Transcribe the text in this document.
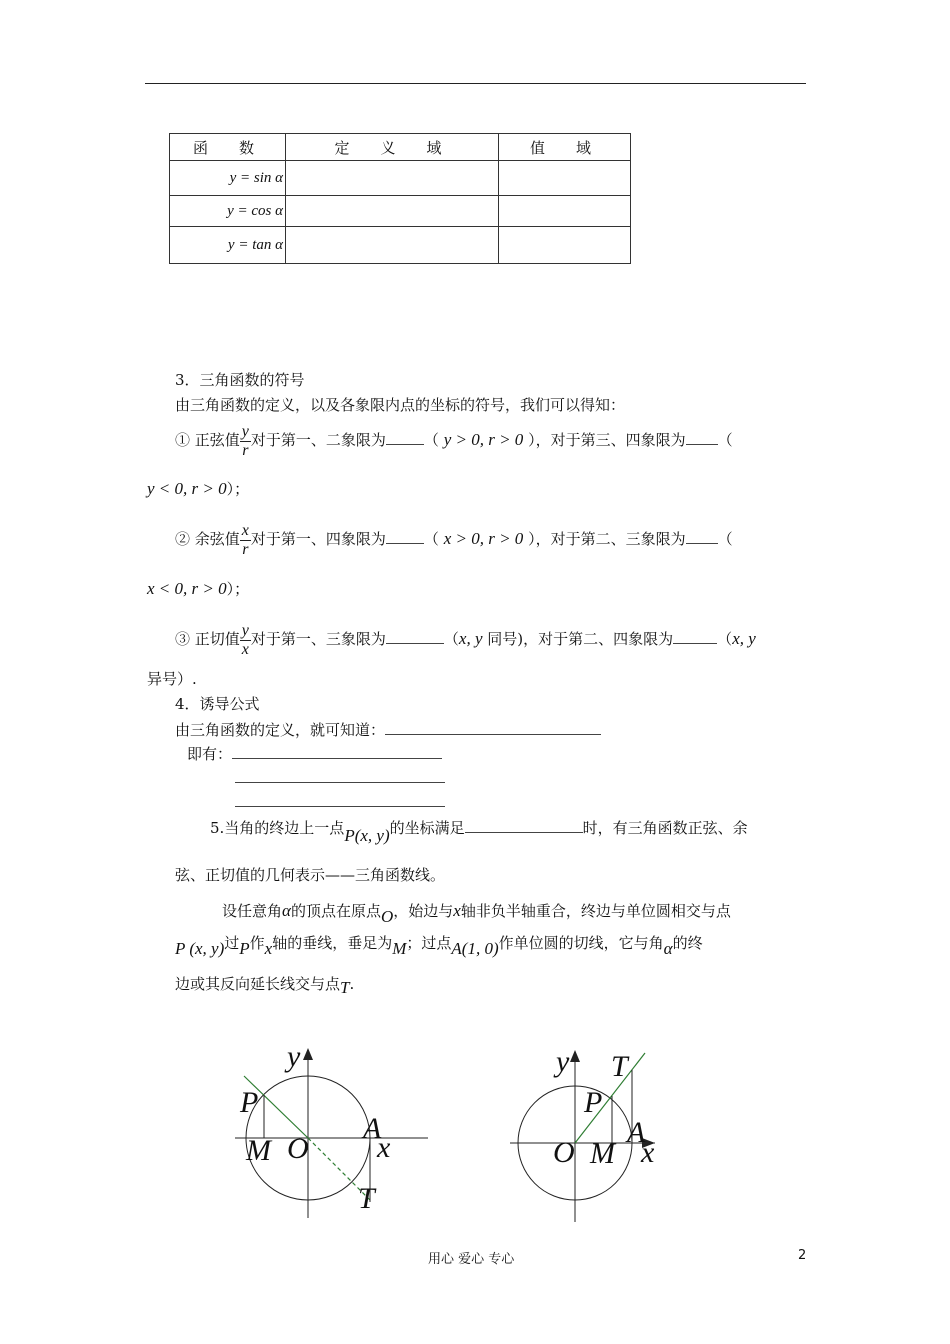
函　数	定　义　域	值　域
y = sin α		
y = cos α		
y = tan α		
3．三角函数的符号
由三角函数的定义，以及各象限内点的坐标的符号，我们可以得知：
① 正弦值 $\frac{y}{r}$ 对于第一、二象限为	（ y > 0, r > 0 ），对于第三、四象限为 （
y < 0, r > 0）；
② 余弦值 $\frac{x}{r}$ 对于第一、四象限为	（ x > 0, r > 0 ），对于第二、三象限为 （
x < 0, r > 0）；
③ 正切值 $\frac{y}{x}$ 对于第一、三象限为	（x, y 同号)，对于第二、四象限为	（x, y
异号）.
4．诱导公式
由三角函数的定义，就可知道：
即有：
5.当角的终边上一点P(x, y)的坐标满足	时，有三角函数正弦、余
弦、正切值的几何表示——三角函数线。
设任意角α的顶点在原点O，始边与x轴非负半轴重合，终边与单位圆相交与点
P (x, y)过P作x轴的垂线，垂足为M；过点A(1, 0)作单位圆的切线，它与角α的终
边或其反向延长线交与点T.
y
P
M O
A
x
T
y T
P
O M
A
x
用心 爱心 专心	2
